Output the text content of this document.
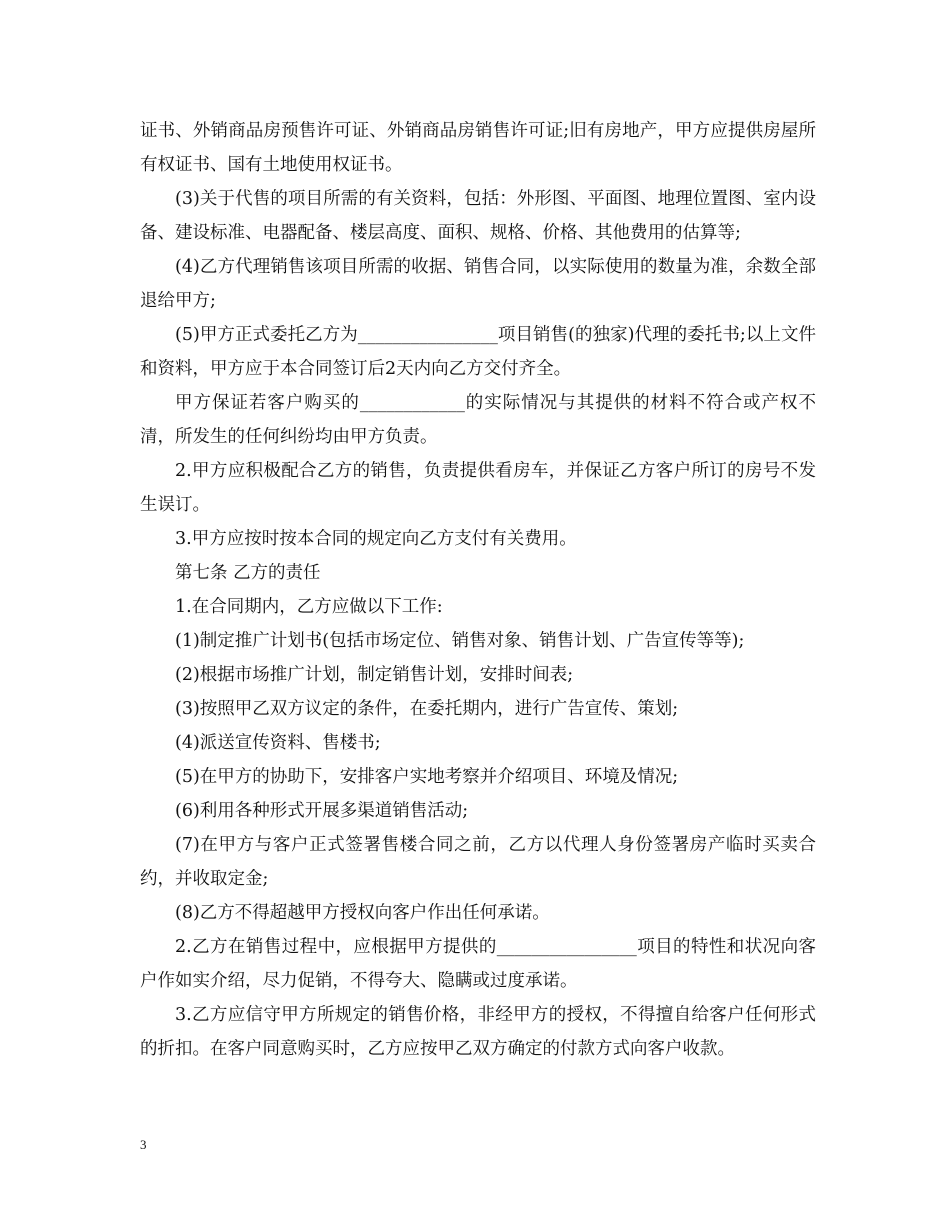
证书、外销商品房预售许可证、外销商品房销售许可证;旧有房地产，甲方应提供房屋所有权证书、国有土地使用权证书。

(3)关于代售的项目所需的有关资料，包括：外形图、平面图、地理位置图、室内设备、建设标准、电器配备、楼层高度、面积、规格、价格、其他费用的估算等;

(4)乙方代理销售该项目所需的收据、销售合同，以实际使用的数量为准，余数全部退给甲方;

(5)甲方正式委托乙方为________________项目销售(的独家)代理的委托书;以上文件和资料，甲方应于本合同签订后2天内向乙方交付齐全。

甲方保证若客户购买的____________的实际情况与其提供的材料不符合或产权不清，所发生的任何纠纷均由甲方负责。

2.甲方应积极配合乙方的销售，负责提供看房车，并保证乙方客户所订的房号不发生误订。

3.甲方应按时按本合同的规定向乙方支付有关费用。

第七条 乙方的责任

1.在合同期内，乙方应做以下工作:

(1)制定推广计划书(包括市场定位、销售对象、销售计划、广告宣传等等);

(2)根据市场推广计划，制定销售计划，安排时间表;

(3)按照甲乙双方议定的条件，在委托期内，进行广告宣传、策划;

(4)派送宣传资料、售楼书;

(5)在甲方的协助下，安排客户实地考察并介绍项目、环境及情况;

(6)利用各种形式开展多渠道销售活动;

(7)在甲方与客户正式签署售楼合同之前，乙方以代理人身份签署房产临时买卖合约，并收取定金;

(8)乙方不得超越甲方授权向客户作出任何承诺。

2.乙方在销售过程中，应根据甲方提供的________________项目的特性和状况向客户作如实介绍，尽力促销，不得夸大、隐瞒或过度承诺。

3.乙方应信守甲方所规定的销售价格，非经甲方的授权，不得擅自给客户任何形式的折扣。在客户同意购买时，乙方应按甲乙双方确定的付款方式向客户收款。

3
